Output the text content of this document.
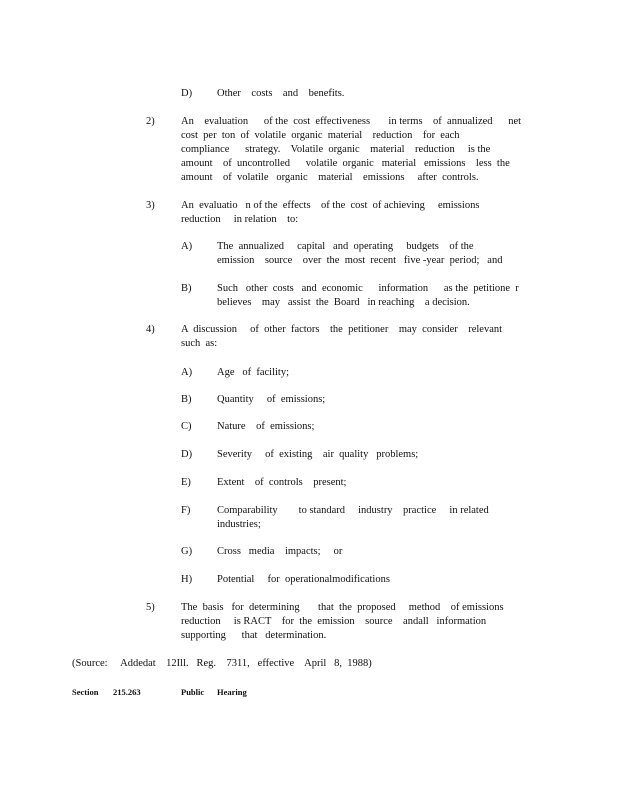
D) Other    costs    and    benefits.
2)	An    evaluation      of the  cost  effectiveness       in terms    of  annualized      net
cost  per  ton  of  volatile  organic  material    reduction    for  each
compliance      strategy.    Volatile  organic    material    reduction     is the
amount    of  uncontrolled      volatile  organic   material   emissions    less  the
amount    of  volatile   organic    material    emissions     after  controls.
3)	An  evaluatio   n of the  effects    of the  cost  of achieving     emissions
reduction     in relation    to:
A) The  annualized     capital   and  operating     budgets    of the
emission    source    over  the  most  recent   five -year  period;   and
B) Such   other  costs   and  economic      information      as the  petitione  r
believes    may   assist  the  Board   in reaching    a decision.
4)	A  discussion     of  other  factors    the  petitioner    may  consider    relevant
such  as:
A) Age   of  facility;
B) Quantity     of  emissions;
C) Nature    of  emissions;
D) Severity     of  existing    air  quality   problems;
E) Extent    of  controls    present;
F)	Comparability        to standard     industry    practice     in related
industries;
G) Cross   media    impacts;     or
H) Potential     for  operationalmodifications
5)	The  basis   for  determining       that  the  proposed     method    of emissions
reduction     is RACT    for  the  emission    source    andall   information
supporting      that   determination.
(Source:     Addedat    12Ill.   Reg.    7311,   effective    April   8,  1988)
Section 215.263	Public Hearing
